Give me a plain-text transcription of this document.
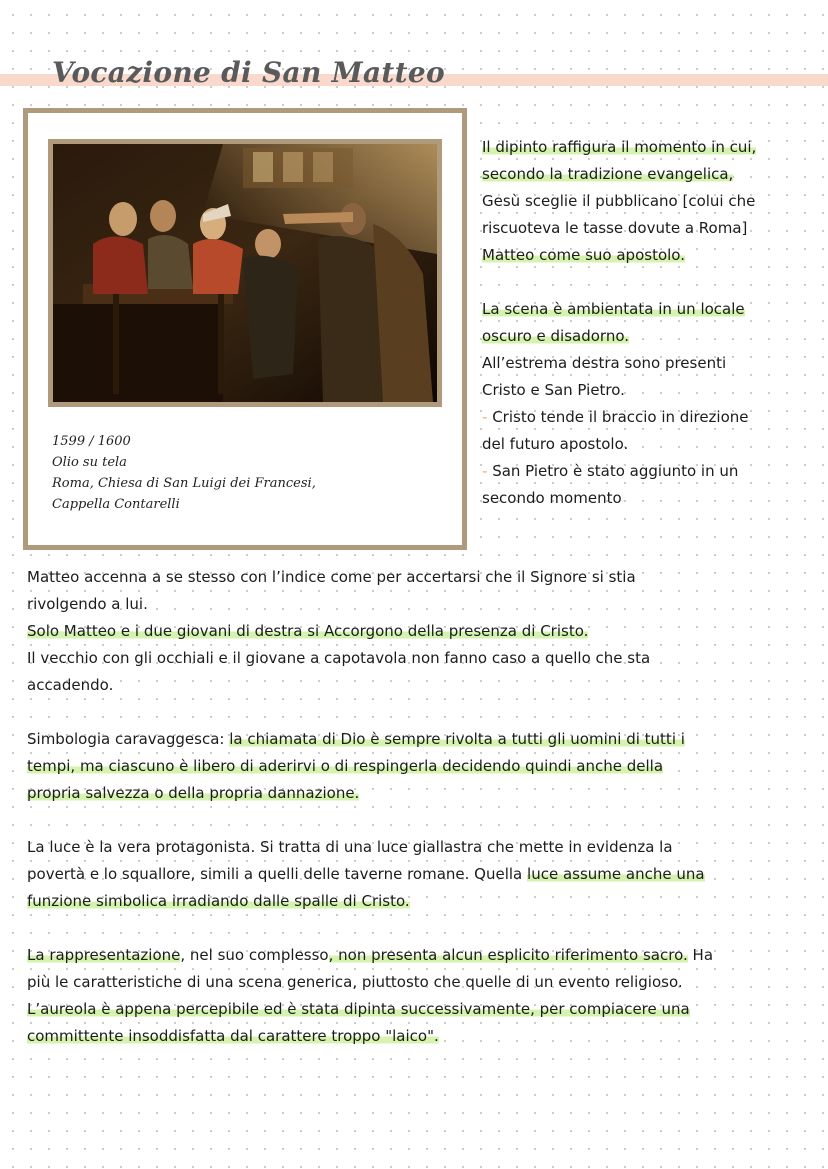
Vocazione di San Matteo
1599 / 1600
Olio su tela
Roma, Chiesa di San Luigi dei Francesi,
Cappella Contarelli

Il dipinto raffigura il momento in cui,
secondo la tradizione evangelica,
Gesù sceglie il pubblicano [colui che
riscuoteva le tasse dovute a Roma]
Matteo come suo apostolo.

La scena è ambientata in un locale
oscuro e disadorno.
All’estrema destra sono presenti
Cristo e San Pietro.
- Cristo tende il braccio in direzione
del futuro apostolo.
- San Pietro è stato aggiunto in un
secondo momento

Matteo accenna a se stesso con l’indice come per accertarsi che il Signore si stia
rivolgendo a lui.
Solo Matteo e i due giovani di destra si Accorgono della presenza di Cristo.
Il vecchio con gli occhiali e il giovane a capotavola non fanno caso a quello che sta
accadendo.

Simbologia caravaggesca: la chiamata di Dio è sempre rivolta a tutti gli uomini di tutti i
tempi, ma ciascuno è libero di aderirvi o di respingerla decidendo quindi anche della
propria salvezza o della propria dannazione.

La luce è la vera protagonista. Si tratta di una luce giallastra che mette in evidenza la
povertà e lo squallore, simili a quelli delle taverne romane. Quella luce assume anche una
funzione simbolica irradiando dalle spalle di Cristo.

La rappresentazione, nel suo complesso, non presenta alcun esplicito riferimento sacro. Ha
più le caratteristiche di una scena generica, piuttosto che quelle di un evento religioso.
L’aureola è appena percepibile ed è stata dipinta successivamente, per compiacere una
committente insoddisfatta dal carattere troppo "laico".
